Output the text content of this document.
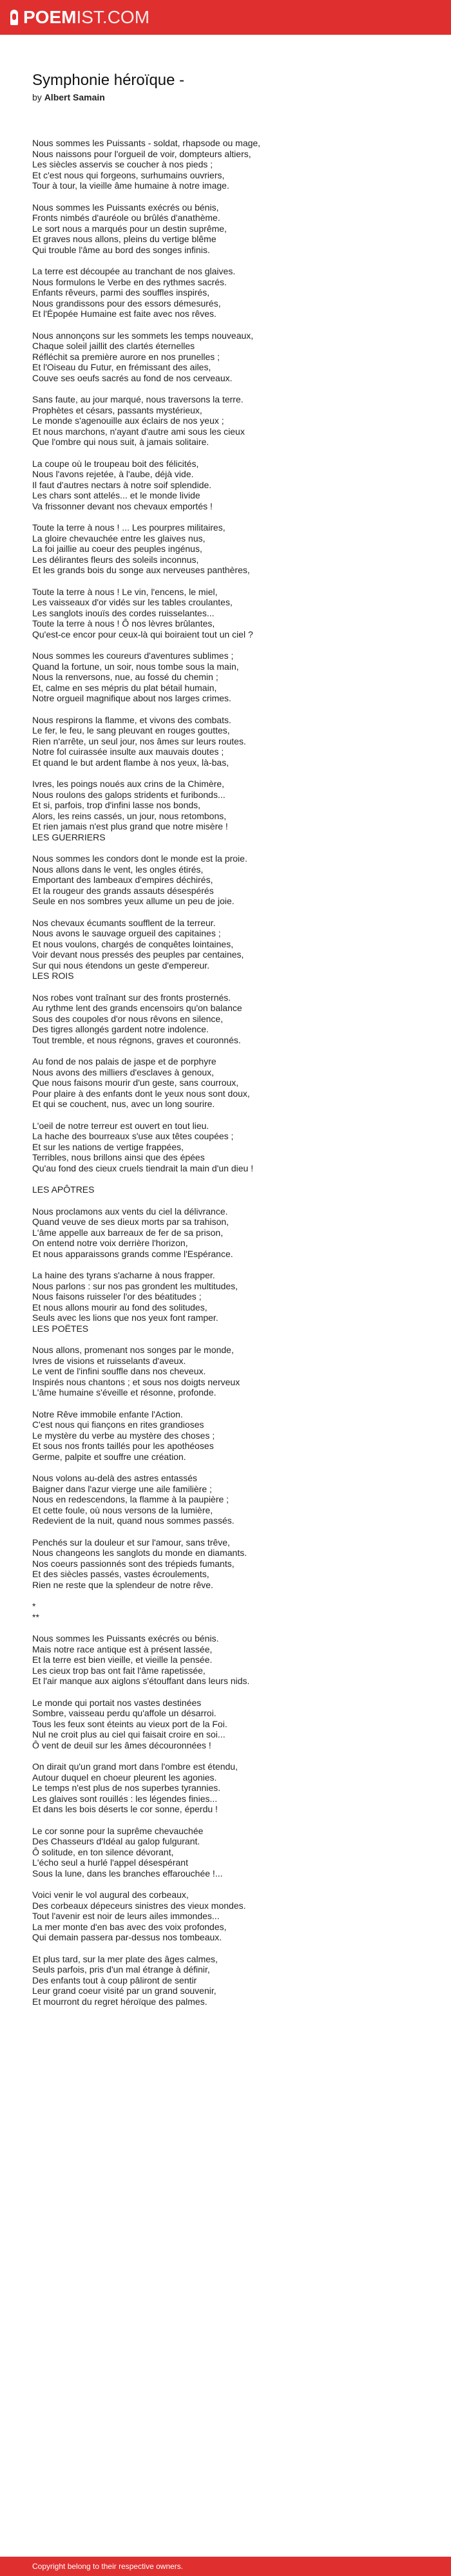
POEM IST.COM
Symphonie héroïque -
by Albert Samain
Nous sommes les Puissants - soldat, rhapsode ou mage,
Nous naissons pour l'orgueil de voir, dompteurs altiers,
Les siècles asservis se coucher à nos pieds ;
Et c'est nous qui forgeons, surhumains ouvriers,
Tour à tour, la vieille âme humaine à notre image.
Nous sommes les Puissants exécrés ou bénis,
Fronts nimbés d'auréole ou brûlés d'anathème.
Le sort nous a marqués pour un destin suprême,
Et graves nous allons, pleins du vertige blême
Qui trouble l'âme au bord des songes infinis.
La terre est découpée au tranchant de nos glaives.
Nous formulons le Verbe en des rythmes sacrés.
Enfants rêveurs, parmi des souffles inspirés,
Nous grandissons pour des essors démesurés,
Et l'Épopée Humaine est faite avec nos rêves.
Nous annonçons sur les sommets les temps nouveaux,
Chaque soleil jaillit des clartés éternelles
Réfléchit sa première aurore en nos prunelles ;
Et l'Oiseau du Futur, en frémissant des ailes,
Couve ses oeufs sacrés au fond de nos cerveaux.
Sans faute, au jour marqué, nous traversons la terre.
Prophètes et césars, passants mystérieux,
Le monde s'agenouille aux éclairs de nos yeux ;
Et nous marchons, n'ayant d'autre ami sous les cieux
Que l'ombre qui nous suit, à jamais solitaire.
La coupe où le troupeau boit des félicités,
Nous l'avons rejetée, à l'aube, déjà vide.
Il faut d'autres nectars à notre soif splendide.
Les chars sont attelés... et le monde livide
Va frissonner devant nos chevaux emportés !
Toute la terre à nous ! ... Les pourpres militaires,
La gloire chevauchée entre les glaives nus,
La foi jaillie au coeur des peuples ingénus,
Les délirantes fleurs des soleils inconnus,
Et les grands bois du songe aux nerveuses panthères,
Toute la terre à nous ! Le vin, l'encens, le miel,
Les vaisseaux d'or vidés sur les tables croulantes,
Les sanglots inouïs des cordes ruisselantes...
Toute la terre à nous ! Ô nos lèvres brûlantes,
Qu'est-ce encor pour ceux-là qui boiraient tout un ciel ?
Nous sommes les coureurs d'aventures sublimes ;
Quand la fortune, un soir, nous tombe sous la main,
Nous la renversons, nue, au fossé du chemin ;
Et, calme en ses mépris du plat bétail humain,
Notre orgueil magnifique about nos larges crimes.
Nous respirons la flamme, et vivons des combats.
Le fer, le feu, le sang pleuvant en rouges gouttes,
Rien n'arrête, un seul jour, nos âmes sur leurs routes.
Notre fol cuirassée insulte aux mauvais doutes ;
Et quand le but ardent flambe à nos yeux, là-bas,
Ivres, les poings noués aux crins de la Chimère,
Nous roulons des galops stridents et furibonds...
Et si, parfois, trop d'infini lasse nos bonds,
Alors, les reins cassés, un jour, nous retombons,
Et rien jamais n'est plus grand que notre misère !
LES GUERRIERS
Nous sommes les condors dont le monde est la proie.
Nous allons dans le vent, les ongles étirés,
Emportant des lambeaux d'empires déchirés,
Et la rougeur des grands assauts désespérés
Seule en nos sombres yeux allume un peu de joie.
Nos chevaux écumants soufflent de la terreur.
Nous avons le sauvage orgueil des capitaines ;
Et nous voulons, chargés de conquêtes lointaines,
Voir devant nous pressés des peuples par centaines,
Sur qui nous étendons un geste d'empereur.
LES ROIS
Nos robes vont traînant sur des fronts prosternés.
Au rythme lent des grands encensoirs qu'on balance
Sous des coupoles d'or nous rêvons en silence,
Des tigres allongés gardent notre indolence.
Tout tremble, et nous régnons, graves et couronnés.
Au fond de nos palais de jaspe et de porphyre
Nous avons des milliers d'esclaves à genoux,
Que nous faisons mourir d'un geste, sans courroux,
Pour plaire à des enfants dont le yeux nous sont doux,
Et qui se couchent, nus, avec un long sourire.
L'oeil de notre terreur est ouvert en tout lieu.
La hache des bourreaux s'use aux têtes coupées ;
Et sur les nations de vertige frappées,
Terribles, nous brillons ainsi que des épées
Qu'au fond des cieux cruels tiendrait la main d'un dieu !
LES APÔTRES
Nous proclamons aux vents du ciel la délivrance.
Quand veuve de ses dieux morts par sa trahison,
L'âme appelle aux barreaux de fer de sa prison,
On entend notre voix derrière l'horizon,
Et nous apparaissons grands comme l'Espérance.
La haine des tyrans s'acharne à nous frapper.
Nous parlons : sur nos pas grondent les multitudes,
Nous faisons ruisseler l'or des béatitudes ;
Et nous allons mourir au fond des solitudes,
Seuls avec les lions que nos yeux font ramper.
LES POËTES
Nous allons, promenant nos songes par le monde,
Ivres de visions et ruisselants d'aveux.
Le vent de l'infini souffle dans nos cheveux.
Inspirés nous chantons ; et sous nos doigts nerveux
L'âme humaine s'éveille et résonne, profonde.
Notre Rêve immobile enfante l'Action.
C'est nous qui fiançons en rites grandioses
Le mystère du verbe au mystère des choses ;
Et sous nos fronts taillés pour les apothéoses
Germe, palpite et souffre une création.
Nous volons au-delà des astres entassés
Baigner dans l'azur vierge une aile familière ;
Nous en redescendons, la flamme à la paupière ;
Et cette foule, où nous versons de la lumière,
Redevient de la nuit, quand nous sommes passés.
Penchés sur la douleur et sur l'amour, sans trêve,
Nous changeons les sanglots du monde en diamants.
Nos coeurs passionnés sont des trépieds fumants,
Et des siècles passés, vastes écroulements,
Rien ne reste que la splendeur de notre rêve.
*
**
Nous sommes les Puissants exécrés ou bénis.
Mais notre race antique est à présent lassée,
Et la terre est bien vieille, et vieille la pensée.
Les cieux trop bas ont fait l'âme rapetissée,
Et l'air manque aux aiglons s'étouffant dans leurs nids.
Le monde qui portait nos vastes destinées
Sombre, vaisseau perdu qu'affole un désarroi.
Tous les feux sont éteints au vieux port de la Foi.
Nul ne croit plus au ciel qui faisait croire en soi...
Ô vent de deuil sur les âmes découronnées !
On dirait qu'un grand mort dans l'ombre est étendu,
Autour duquel en choeur pleurent les agonies.
Le temps n'est plus de nos superbes tyrannies.
Les glaives sont rouillés : les légendes finies...
Et dans les bois déserts le cor sonne, éperdu !
Le cor sonne pour la suprême chevauchée
Des Chasseurs d'Idéal au galop fulgurant.
Ô solitude, en ton silence dévorant,
L'écho seul a hurlé l'appel désespérant
Sous la lune, dans les branches effarouchée !...
Voici venir le vol augural des corbeaux,
Des corbeaux dépeceurs sinistres des vieux mondes.
Tout l'avenir est noir de leurs ailes immondes...
La mer monte d'en bas avec des voix profondes,
Qui demain passera par-dessus nos tombeaux.
Et plus tard, sur la mer plate des âges calmes,
Seuls parfois, pris d'un mal étrange à définir,
Des enfants tout à coup pâliront de sentir
Leur grand coeur visité par un grand souvenir,
Et mourront du regret héroïque des palmes.
Copyright belong to their respective owners.
